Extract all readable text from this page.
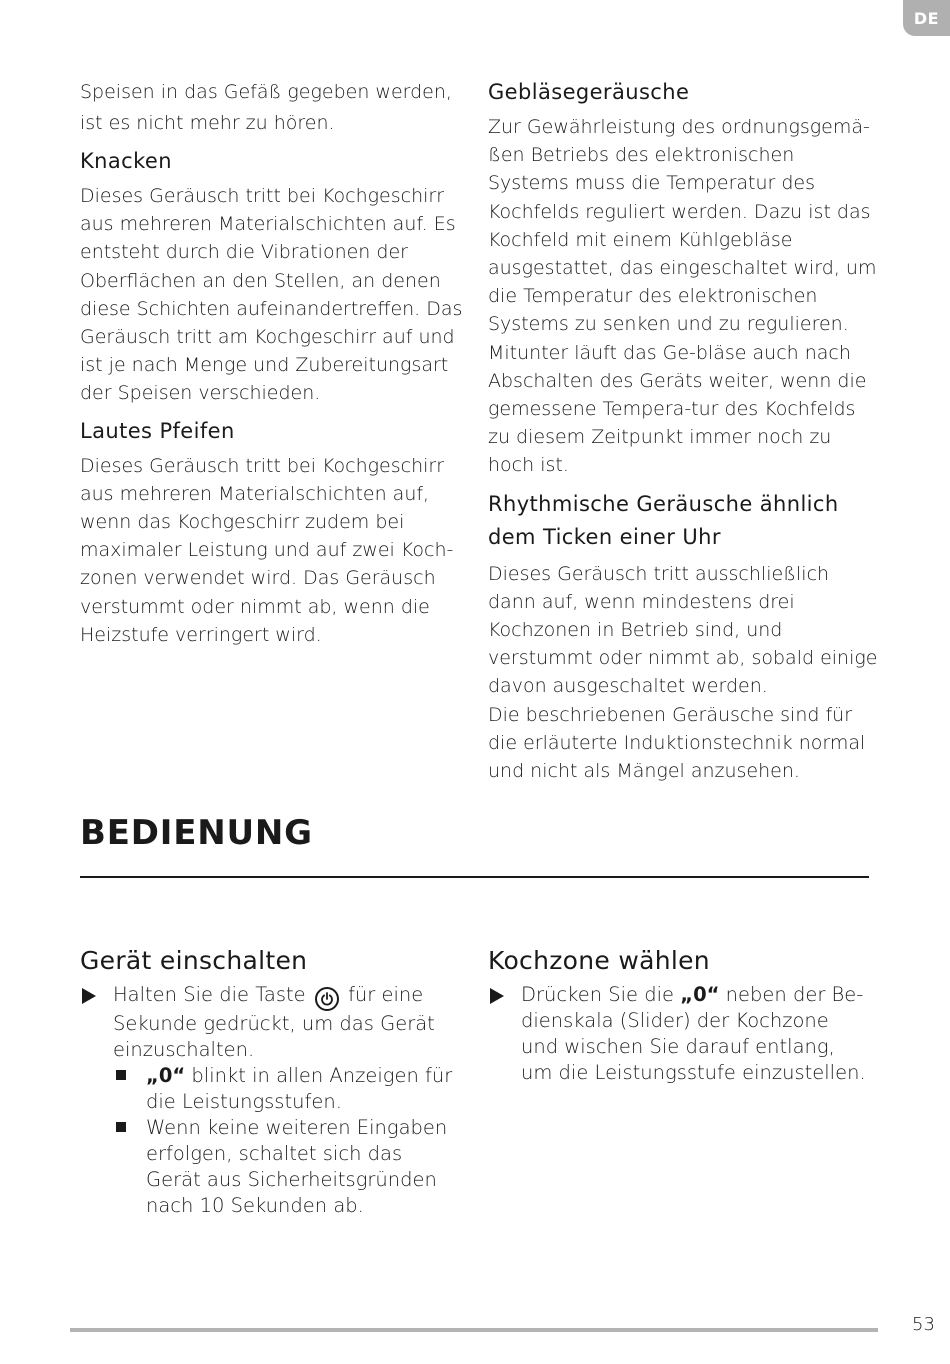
DE

Speisen in das Gefäß gegeben werden, ist es nicht mehr zu hören.

Knacken

Dieses Geräusch tritt bei Kochgeschirr aus mehreren Materialschichten auf. Es entsteht durch die Vibrationen der Oberflächen an den Stellen, an denen diese Schichten aufeinandertreffen. Das Geräusch tritt am Kochgeschirr auf und ist je nach Menge und Zubereitungsart der Speisen verschieden.

Lautes Pfeifen

Dieses Geräusch tritt bei Kochgeschirr aus mehreren Materialschichten auf, wenn das Kochgeschirr zudem bei maximaler Leistung und auf zwei Koch-zonen verwendet wird. Das Geräusch verstummt oder nimmt ab, wenn die Heizstufe verringert wird.

Gebläsegeräusche

Zur Gewährleistung des ordnungsgemä-ßen Betriebs des elektronischen Systems muss die Temperatur des Kochfelds reguliert werden. Dazu ist das Kochfeld mit einem Kühlgebläse ausgestattet, das eingeschaltet wird, um die Temperatur des elektronischen Systems zu senken und zu regulieren. Mitunter läuft das Ge-bläse auch nach Abschalten des Geräts weiter, wenn die gemessene Tempera-tur des Kochfelds zu diesem Zeitpunkt immer noch zu hoch ist.

Rhythmische Geräusche ähnlich dem Ticken einer Uhr

Dieses Geräusch tritt ausschließlich dann auf, wenn mindestens drei Kochzonen in Betrieb sind, und verstummt oder nimmt ab, sobald einige davon ausgeschaltet werden.

Die beschriebenen Geräusche sind für die erläuterte Induktionstechnik normal und nicht als Mängel anzusehen.

BEDIENUNG
Gerät einschalten
Halten Sie die Taste für eine Sekunde gedrückt, um das Gerät einzuschalten.
„0“ blinkt in allen Anzeigen für die Leistungsstufen.
Wenn keine weiteren Eingaben erfolgen, schaltet sich das Gerät aus Sicherheitsgründen nach 10 Sekunden ab.
Kochzone wählen
Drücken Sie die „0“ neben der Be-dienskala (Slider) der Kochzone und wischen Sie darauf entlang, um die Leistungsstufe einzustellen.
53
